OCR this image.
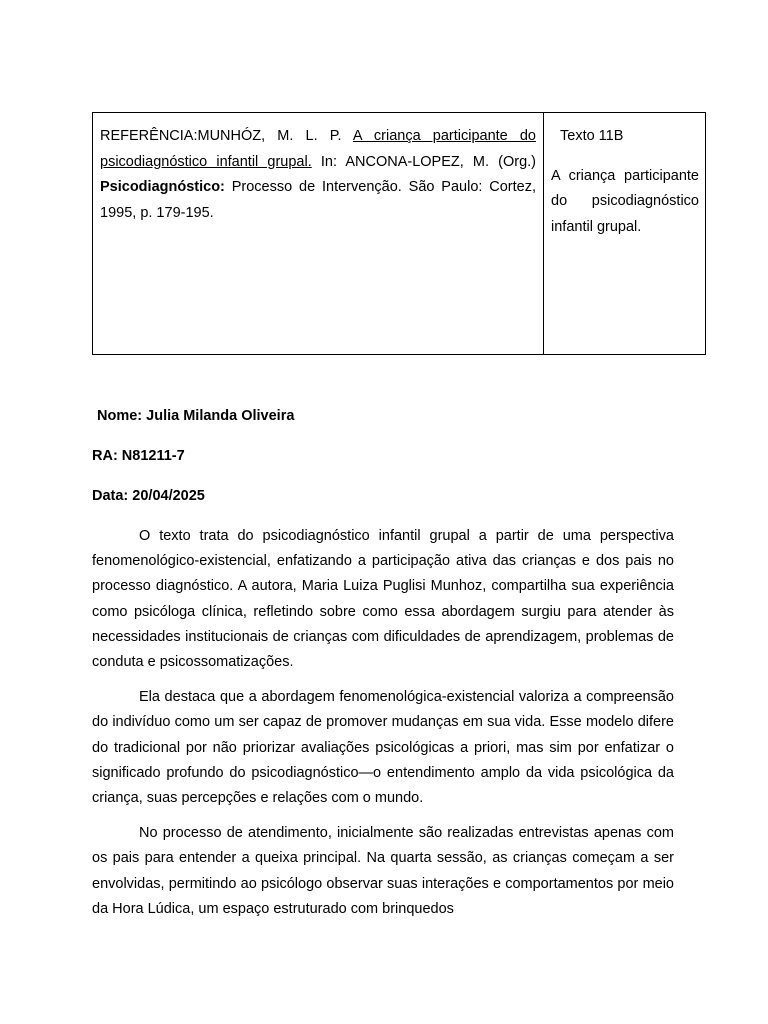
REFERÊNCIA:MUNHÓZ, M. L. P. A criança participante do psicodiagnóstico infantil grupal. In: ANCONA-LOPEZ, M. (Org.) Psicodiagnóstico: Processo de Intervenção. São Paulo: Cortez, 1995, p. 179-195.
Texto 11B
A criança participante do psicodiagnóstico infantil grupal.
Nome: Julia Milanda Oliveira
RA: N81211-7
Data: 20/04/2025

O texto trata do psicodiagnóstico infantil grupal a partir de uma perspectiva fenomenológico-existencial, enfatizando a participação ativa das crianças e dos pais no processo diagnóstico. A autora, Maria Luiza Puglisi Munhoz, compartilha sua experiência como psicóloga clínica, refletindo sobre como essa abordagem surgiu para atender às necessidades institucionais de crianças com dificuldades de aprendizagem, problemas de conduta e psicossomatizações.

Ela destaca que a abordagem fenomenológica-existencial valoriza a compreensão do indivíduo como um ser capaz de promover mudanças em sua vida. Esse modelo difere do tradicional por não priorizar avaliações psicológicas a priori, mas sim por enfatizar o significado profundo do psicodiagnóstico—o entendimento amplo da vida psicológica da criança, suas percepções e relações com o mundo.

No processo de atendimento, inicialmente são realizadas entrevistas apenas com os pais para entender a queixa principal. Na quarta sessão, as crianças começam a ser envolvidas, permitindo ao psicólogo observar suas interações e comportamentos por meio da Hora Lúdica, um espaço estruturado com brinquedos
